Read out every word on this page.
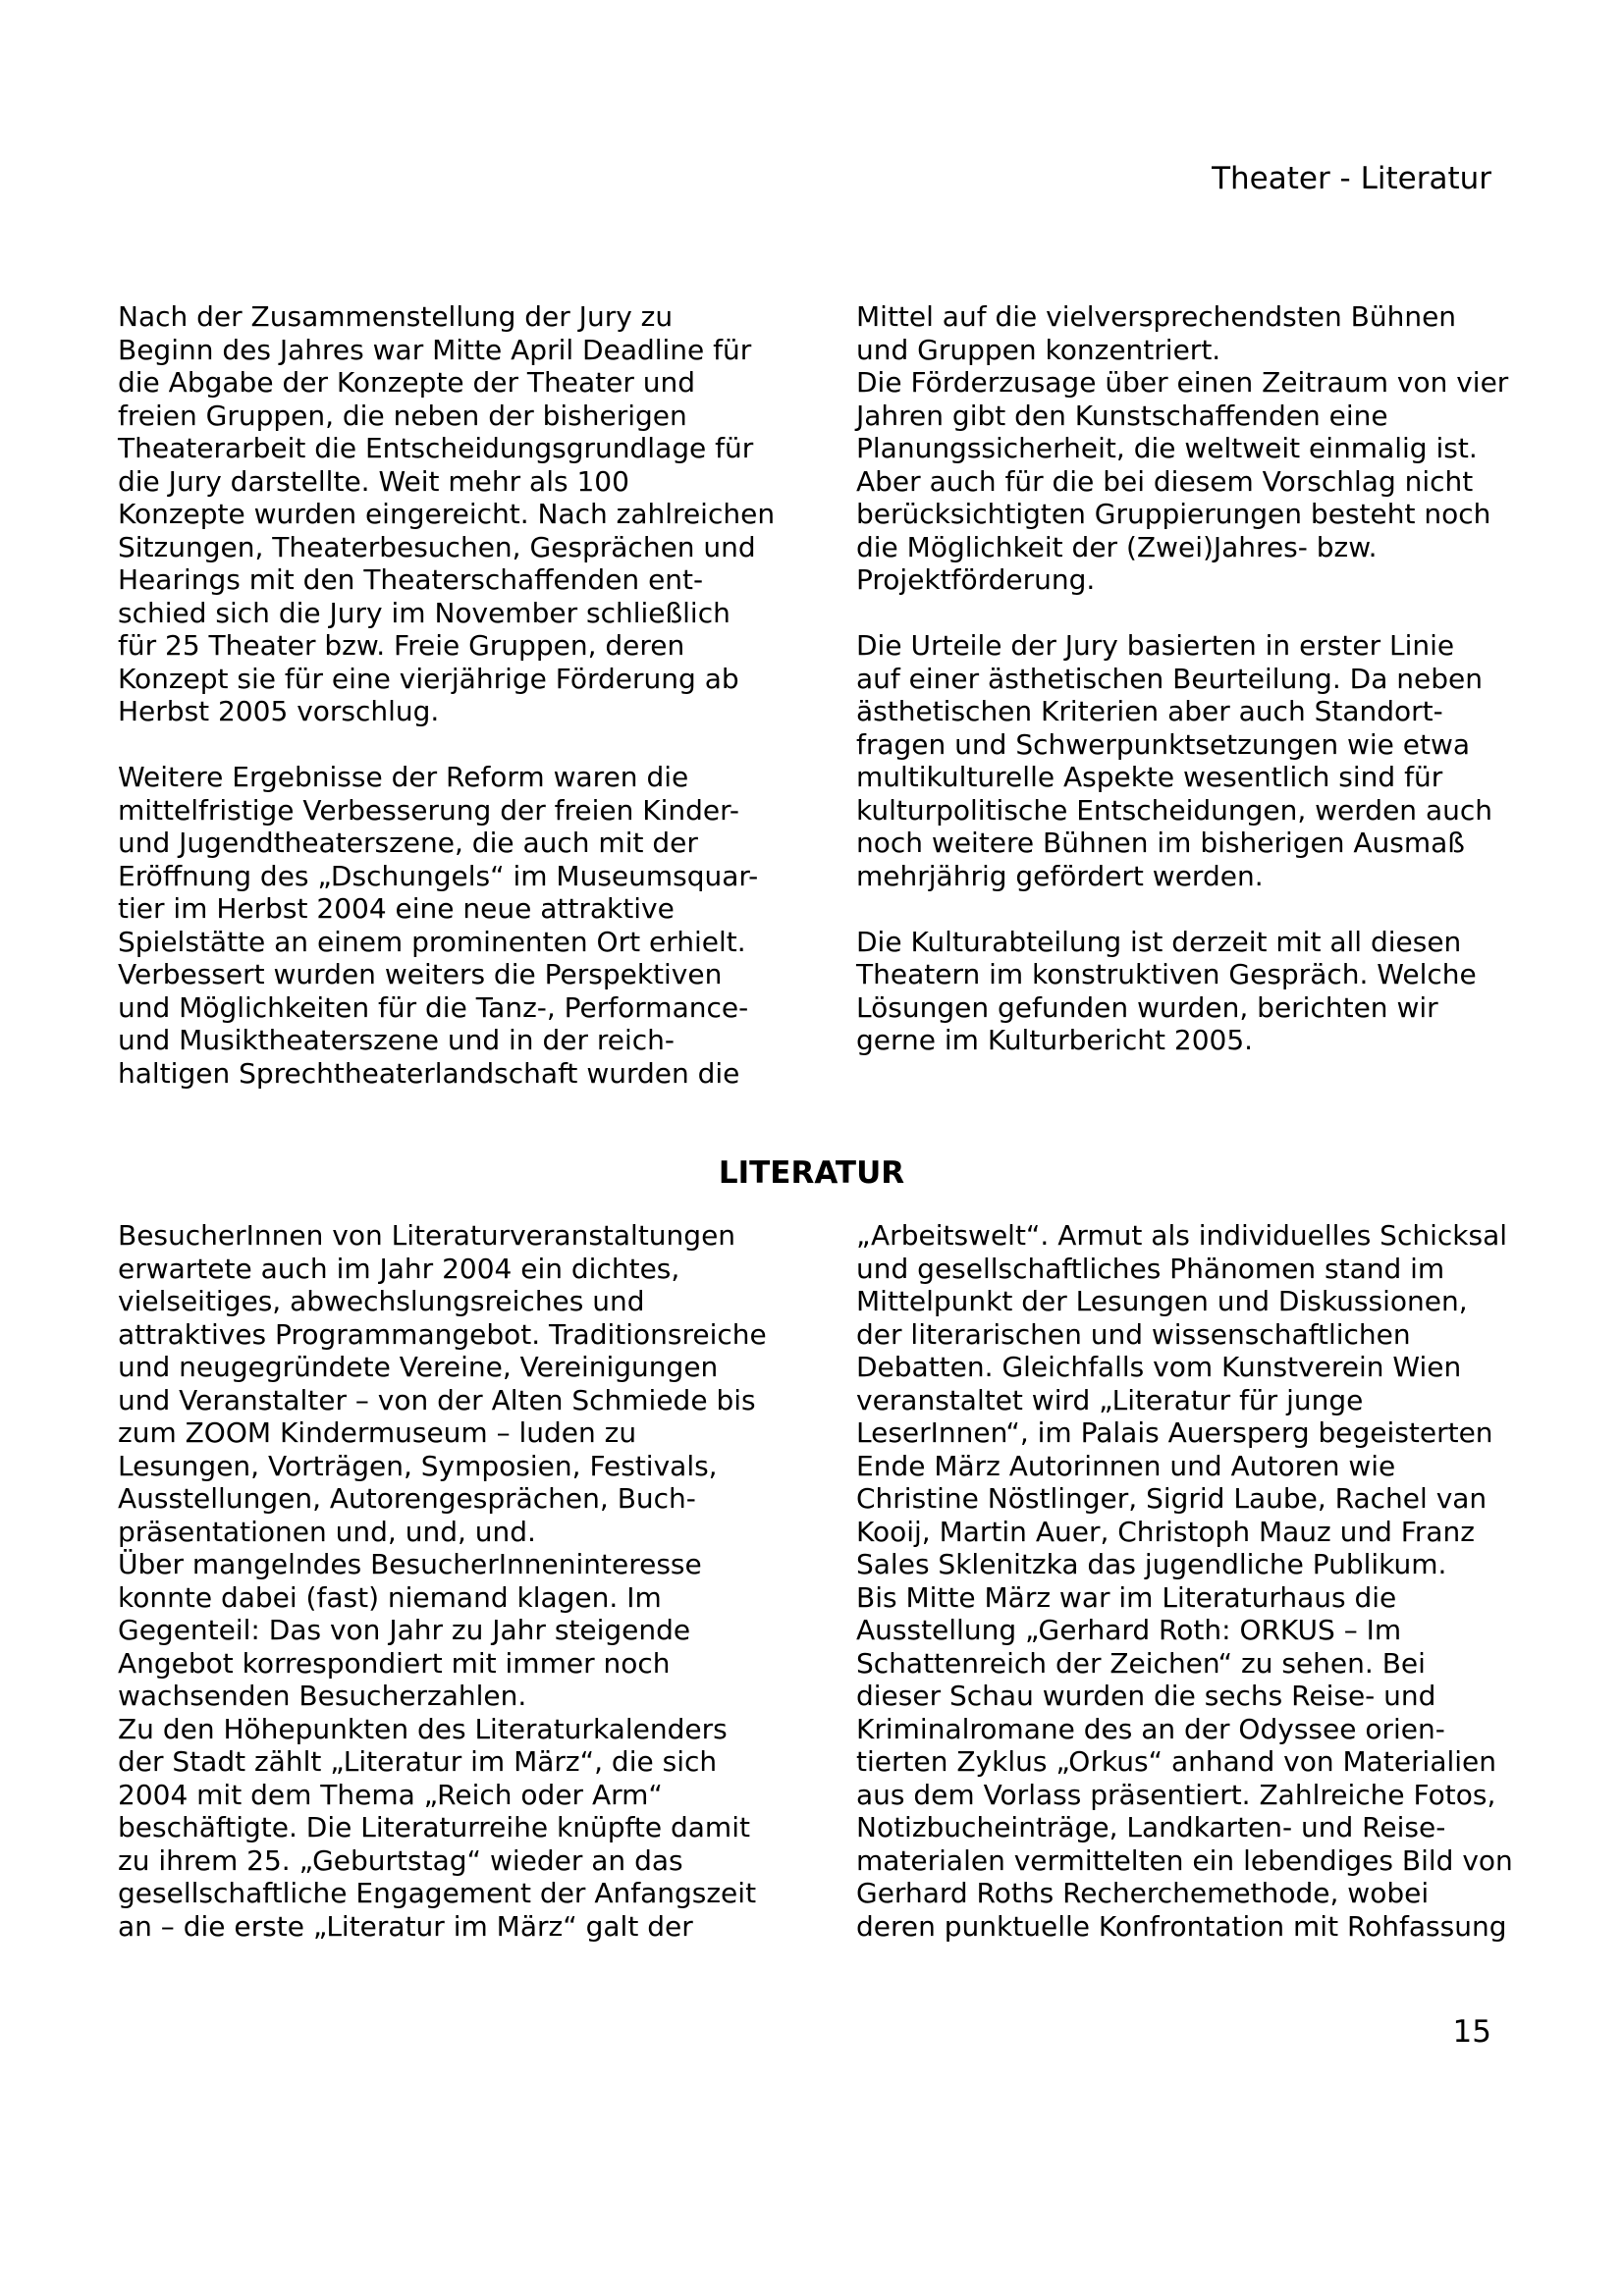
Theater - Literatur

Nach der Zusammenstellung der Jury zu
Beginn des Jahres war Mitte April Deadline für
die Abgabe der Konzepte der Theater und
freien Gruppen, die neben der bisherigen
Theaterarbeit die Entscheidungsgrundlage für
die Jury darstellte. Weit mehr als 100
Konzepte wurden eingereicht. Nach zahlreichen
Sitzungen, Theaterbesuchen, Gesprächen und
Hearings mit den Theaterschaffenden ent-
schied sich die Jury im November schließlich
für 25 Theater bzw. Freie Gruppen, deren
Konzept sie für eine vierjährige Förderung ab
Herbst 2005 vorschlug.

Weitere Ergebnisse der Reform waren die
mittelfristige Verbesserung der freien Kinder-
und Jugendtheaterszene, die auch mit der
Eröffnung des „Dschungels“ im Museumsquar-
tier im Herbst 2004 eine neue attraktive
Spielstätte an einem prominenten Ort erhielt.
Verbessert wurden weiters die Perspektiven
und Möglichkeiten für die Tanz-, Performance-
und Musiktheaterszene und in der reich-
haltigen Sprechtheaterlandschaft wurden die

Mittel auf die vielversprechendsten Bühnen
und Gruppen konzentriert.
Die Förderzusage über einen Zeitraum von vier
Jahren gibt den Kunstschaffenden eine
Planungssicherheit, die weltweit einmalig ist.
Aber auch für die bei diesem Vorschlag nicht
berücksichtigten Gruppierungen besteht noch
die Möglichkeit der (Zwei)Jahres- bzw.
Projektförderung.

Die Urteile der Jury basierten in erster Linie
auf einer ästhetischen Beurteilung. Da neben
ästhetischen Kriterien aber auch Standort-
fragen und Schwerpunktsetzungen wie etwa
multikulturelle Aspekte wesentlich sind für
kulturpolitische Entscheidungen, werden auch
noch weitere Bühnen im bisherigen Ausmaß
mehrjährig gefördert werden.

Die Kulturabteilung ist derzeit mit all diesen
Theatern im konstruktiven Gespräch. Welche
Lösungen gefunden wurden, berichten wir
gerne im Kulturbericht 2005.

LITERATUR

BesucherInnen von Literaturveranstaltungen
erwartete auch im Jahr 2004 ein dichtes,
vielseitiges, abwechslungsreiches und
attraktives Programmangebot. Traditionsreiche
und neugegründete Vereine, Vereinigungen
und Veranstalter – von der Alten Schmiede bis
zum ZOOM Kindermuseum – luden zu
Lesungen, Vorträgen, Symposien, Festivals,
Ausstellungen, Autorengesprächen, Buch-
präsentationen und, und, und.
Über mangelndes BesucherInneninteresse
konnte dabei (fast) niemand klagen. Im
Gegenteil: Das von Jahr zu Jahr steigende
Angebot korrespondiert mit immer noch
wachsenden Besucherzahlen.
Zu den Höhepunkten des Literaturkalenders
der Stadt zählt „Literatur im März“, die sich
2004 mit dem Thema „Reich oder Arm“
beschäftigte. Die Literaturreihe knüpfte damit
zu ihrem 25. „Geburtstag“ wieder an das
gesellschaftliche Engagement der Anfangszeit
an – die erste „Literatur im März“ galt der

„Arbeitswelt“. Armut als individuelles Schicksal
und gesellschaftliches Phänomen stand im
Mittelpunkt der Lesungen und Diskussionen,
der literarischen und wissenschaftlichen
Debatten. Gleichfalls vom Kunstverein Wien
veranstaltet wird „Literatur für junge
LeserInnen“, im Palais Auersperg begeisterten
Ende März Autorinnen und Autoren wie
Christine Nöstlinger, Sigrid Laube, Rachel van
Kooij, Martin Auer, Christoph Mauz und Franz
Sales Sklenitzka das jugendliche Publikum.
Bis Mitte März war im Literaturhaus die
Ausstellung „Gerhard Roth: ORKUS – Im
Schattenreich der Zeichen“ zu sehen. Bei
dieser Schau wurden die sechs Reise- und
Kriminalromane des an der Odyssee orien-
tierten Zyklus „Orkus“ anhand von Materialien
aus dem Vorlass präsentiert. Zahlreiche Fotos,
Notizbucheinträge, Landkarten- und Reise-
materialen vermittelten ein lebendiges Bild von
Gerhard Roths Recherchemethode, wobei
deren punktuelle Konfrontation mit Rohfassung

15
